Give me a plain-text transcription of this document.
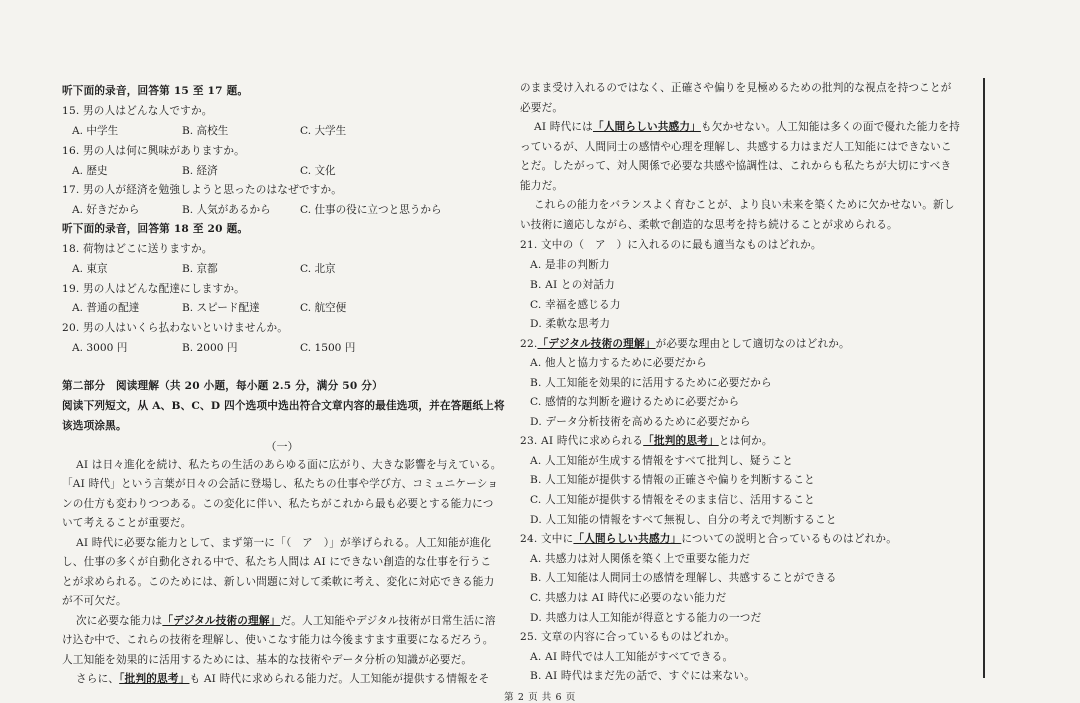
听下面的录音，回答第 15 至 17 题。
15. 男の人はどんな人ですか。
A. 中学生	B. 高校生	C. 大学生
16. 男の人は何に興味がありますか。
A. 歴史	B. 経済	C. 文化
17. 男の人が経済を勉強しようと思ったのはなぜですか。
A. 好きだから	B. 人気があるから	C. 仕事の役に立つと思うから
听下面的录音，回答第 18 至 20 题。
18. 荷物はどこに送りますか。
A. 東京	B. 京都	C. 北京
19. 男の人はどんな配達にしますか。
A. 普通の配達	B. スピード配達	C. 航空便
20. 男の人はいくら払わないといけませんか。
A. 3000 円	B. 2000 円	C. 1500 円
第二部分　阅读理解（共 20 小题，每小题 2.5 分，满分 50 分）
阅读下列短文，从 A、B、C、D 四个选项中选出符合文章内容的最佳选项，并在答题纸上将
该选项涂黑。
（一）
AI は日々進化を続け、私たちの生活のあらゆる面に広がり、大きな影響を与えている。
「AI 時代」という言葉が日々の会話に登場し、私たちの仕事や学び方、コミュニケーショ
ンの仕方も変わりつつある。この変化に伴い、私たちがこれから最も必要とする能力につ
いて考えることが重要だ。
AI 時代に必要な能力として、まず第一に「（　ア　）」が挙げられる。人工知能が進化
し、仕事の多くが自動化される中で、私たち人間は AI にできない創造的な仕事を行うこ
とが求められる。このためには、新しい問題に対して柔軟に考え、変化に対応できる能力
が不可欠だ。
次に必要な能力は「デジタル技術の理解」だ。人工知能やデジタル技術が日常生活に溶
け込む中で、これらの技術を理解し、使いこなす能力は今後ますます重要になるだろう。
人工知能を効果的に活用するためには、基本的な技術やデータ分析の知識が必要だ。
さらに、「批判的思考」も AI 時代に求められる能力だ。人工知能が提供する情報をそ
のまま受け入れるのではなく、正確さや偏りを見極めるための批判的な視点を持つことが
必要だ。
AI 時代には「人間らしい共感力」も欠かせない。人工知能は多くの面で優れた能力を持
っているが、人間同士の感情や心理を理解し、共感する力はまだ人工知能にはできないこ
とだ。したがって、対人関係で必要な共感や協調性は、これからも私たちが大切にすべき
能力だ。
これらの能力をバランスよく育むことが、より良い未来を築くために欠かせない。新し
い技術に適応しながら、柔軟で創造的な思考を持ち続けることが求められる。
21. 文中の（　ア　）に入れるのに最も適当なものはどれか。
A. 是非の判断力
B. AI との対話力
C. 幸福を感じる力
D. 柔軟な思考力
22.「デジタル技術の理解」が必要な理由として適切なのはどれか。
A. 他人と協力するために必要だから
B. 人工知能を効果的に活用するために必要だから
C. 感情的な判断を避けるために必要だから
D. データ分析技術を高めるために必要だから
23. AI 時代に求められる「批判的思考」とは何か。
A. 人工知能が生成する情報をすべて批判し、疑うこと
B. 人工知能が提供する情報の正確さや偏りを判断すること
C. 人工知能が提供する情報をそのまま信じ、活用すること
D. 人工知能の情報をすべて無視し、自分の考えで判断すること
24. 文中に「人間らしい共感力」についての説明と合っているものはどれか。
A. 共感力は対人関係を築く上で重要な能力だ
B. 人工知能は人間同士の感情を理解し、共感することができる
C. 共感力は AI 時代に必要のない能力だ
D. 共感力は人工知能が得意とする能力の一つだ
25. 文章の内容に合っているものはどれか。
A. AI 時代では人工知能がすべてできる。
B. AI 時代はまだ先の話で、すぐには来ない。
第 2 页 共 6 页
